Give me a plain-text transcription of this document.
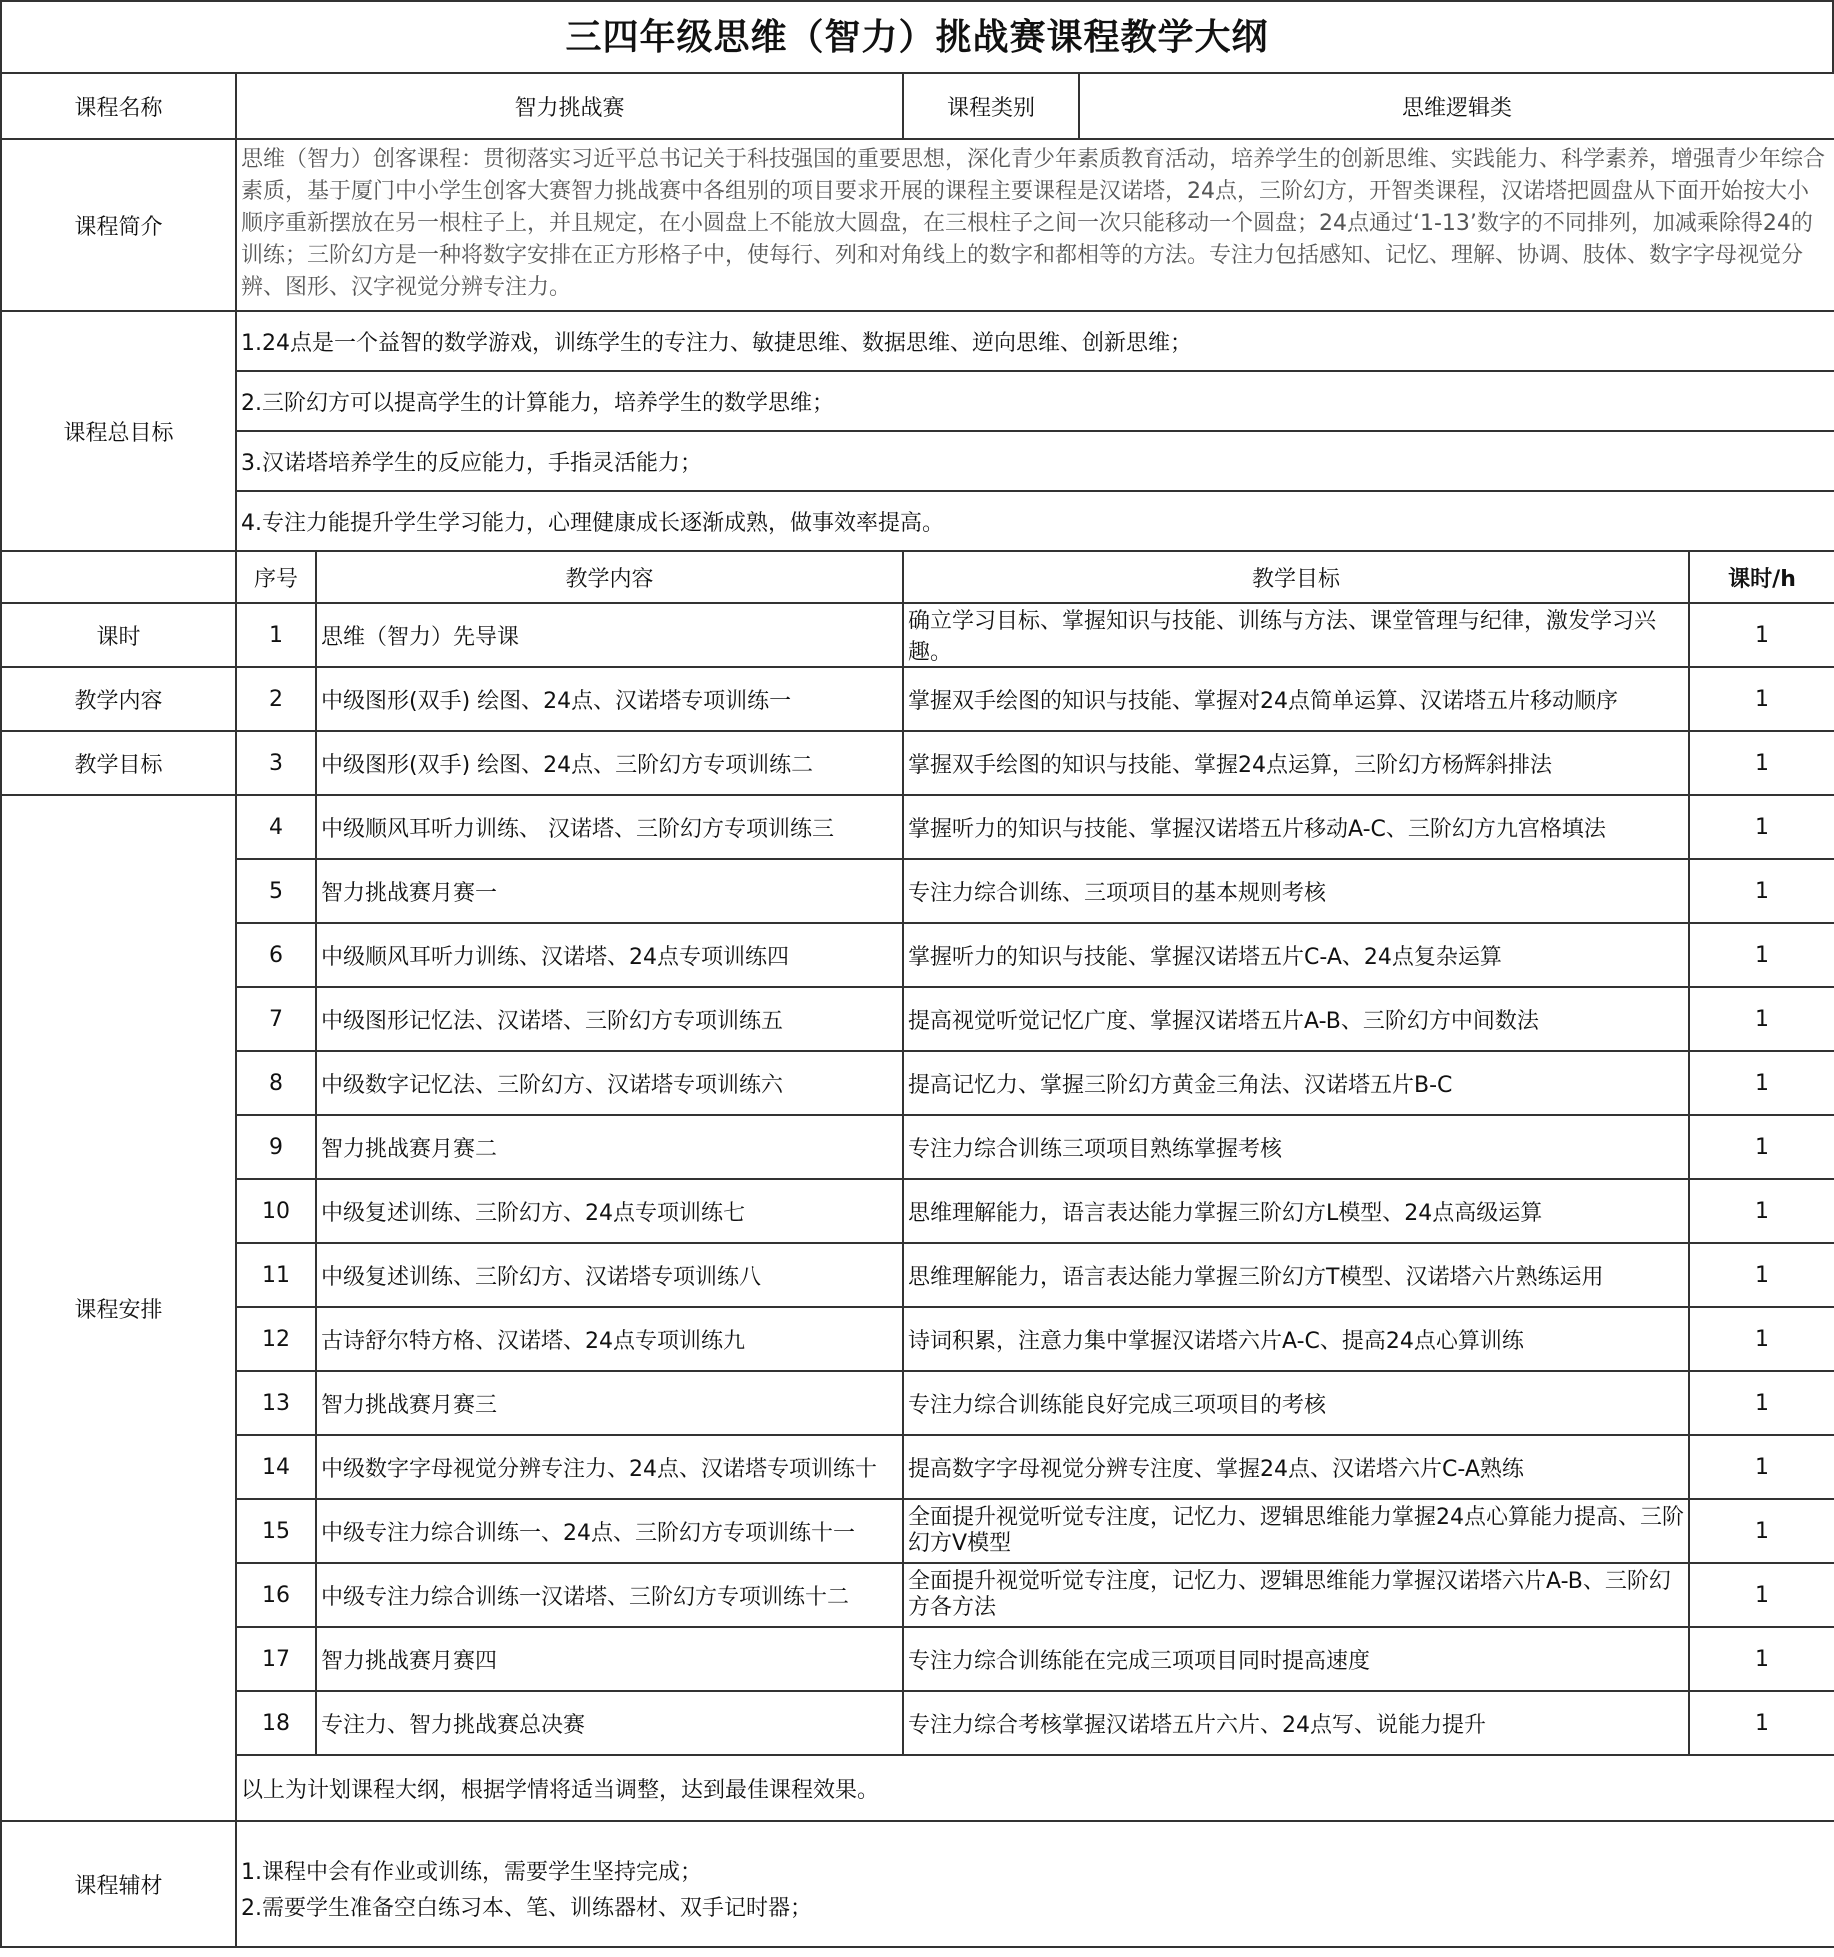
三四年级思维（智力）挑战赛课程教学大纲
课程名称	智力挑战赛		课程类别	思维逻辑类	
课程简介	思维（智力）创客课程：贯彻落实习近平总书记关于科技强国的重要思想，深化青少年素质教育活动，培养学生的创新思维、实践能力、科学素养，增强青少年综合素质，基于厦门中小学生创客大赛智力挑战赛中各组别的项目要求开展的课程主要课程是汉诺塔，24点，三阶幻方，开智类课程，汉诺塔把圆盘从下面开始按大小顺序重新摆放在另一根柱子上，并且规定，在小圆盘上不能放大圆盘，在三根柱子之间一次只能移动一个圆盘；24点通过‘1-13’数字的不同排列，加减乘除得24的训练；三阶幻方是一种将数字安排在正方形格子中，使每行、列和对角线上的数字和都相等的方法。专注力包括感知、记忆、理解、协调、肢体、数字字母视觉分辨、图形、汉字视觉分辨专注力。				
课程总目标	1.24点是一个益智的数学游戏，训练学生的专注力、敏捷思维、数据思维、逆向思维、创新思维；				
	2.三阶幻方可以提高学生的计算能力，培养学生的数学思维；				
	3.汉诺塔培养学生的反应能力，手指灵活能力；				
	4.专注力能提升学生学习能力，心理健康成长逐渐成熟，做事效率提高。				
	序号	教学内容	教学目标		课时/h
课时	1	思维（智力）先导课	确立学习目标、掌握知识与技能、训练与方法、课堂管理与纪律，激发学习兴趣。		1
教学内容	2	中级图形(双手) 绘图、24点、汉诺塔专项训练一	掌握双手绘图的知识与技能、掌握对24点简单运算、汉诺塔五片移动顺序		1
教学目标	3	中级图形(双手) 绘图、24点、三阶幻方专项训练二	掌握双手绘图的知识与技能、掌握24点运算，三阶幻方杨辉斜排法		1
课程安排	4	中级顺风耳听力训练、 汉诺塔、三阶幻方专项训练三	掌握听力的知识与技能、掌握汉诺塔五片移动A-C、三阶幻方九宫格填法		1
	5	智力挑战赛月赛一	专注力综合训练、三项项目的基本规则考核		1
	6	中级顺风耳听力训练、汉诺塔、24点专项训练四	掌握听力的知识与技能、掌握汉诺塔五片C-A、24点复杂运算		1
	7	中级图形记忆法、汉诺塔、三阶幻方专项训练五	提高视觉听觉记忆广度、掌握汉诺塔五片A-B、三阶幻方中间数法		1
	8	中级数字记忆法、三阶幻方、汉诺塔专项训练六	提高记忆力、掌握三阶幻方黄金三角法、汉诺塔五片B-C		1
	9	智力挑战赛月赛二	专注力综合训练三项项目熟练掌握考核		1
	10	中级复述训练、三阶幻方、24点专项训练七	思维理解能力，语言表达能力掌握三阶幻方L模型、24点高级运算		1
	11	中级复述训练、三阶幻方、汉诺塔专项训练八	思维理解能力，语言表达能力掌握三阶幻方T模型、汉诺塔六片熟练运用		1
	12	古诗舒尔特方格、汉诺塔、24点专项训练九	诗词积累，注意力集中掌握汉诺塔六片A-C、提高24点心算训练		1
	13	智力挑战赛月赛三	专注力综合训练能良好完成三项项目的考核		1
	14	中级数字字母视觉分辨专注力、24点、汉诺塔专项训练十	提高数字字母视觉分辨专注度、掌握24点、汉诺塔六片C-A熟练		1
	15	中级专注力综合训练一、24点、三阶幻方专项训练十一	全面提升视觉听觉专注度，记忆力、逻辑思维能力掌握24点心算能力提高、三阶幻方V模型		1
	16	中级专注力综合训练一汉诺塔、三阶幻方专项训练十二	全面提升视觉听觉专注度，记忆力、逻辑思维能力掌握汉诺塔六片A-B、三阶幻方各方法		1
	17	智力挑战赛月赛四	专注力综合训练能在完成三项项目同时提高速度		1
	18	专注力、智力挑战赛总决赛	专注力综合考核掌握汉诺塔五片六片、24点写、说能力提升		1
	以上为计划课程大纲，根据学情将适当调整，达到最佳课程效果。				
课程辅材	1.课程中会有作业或训练，需要学生坚持完成；
2.需要学生准备空白练习本、笔、训练器材、双手记时器；				
